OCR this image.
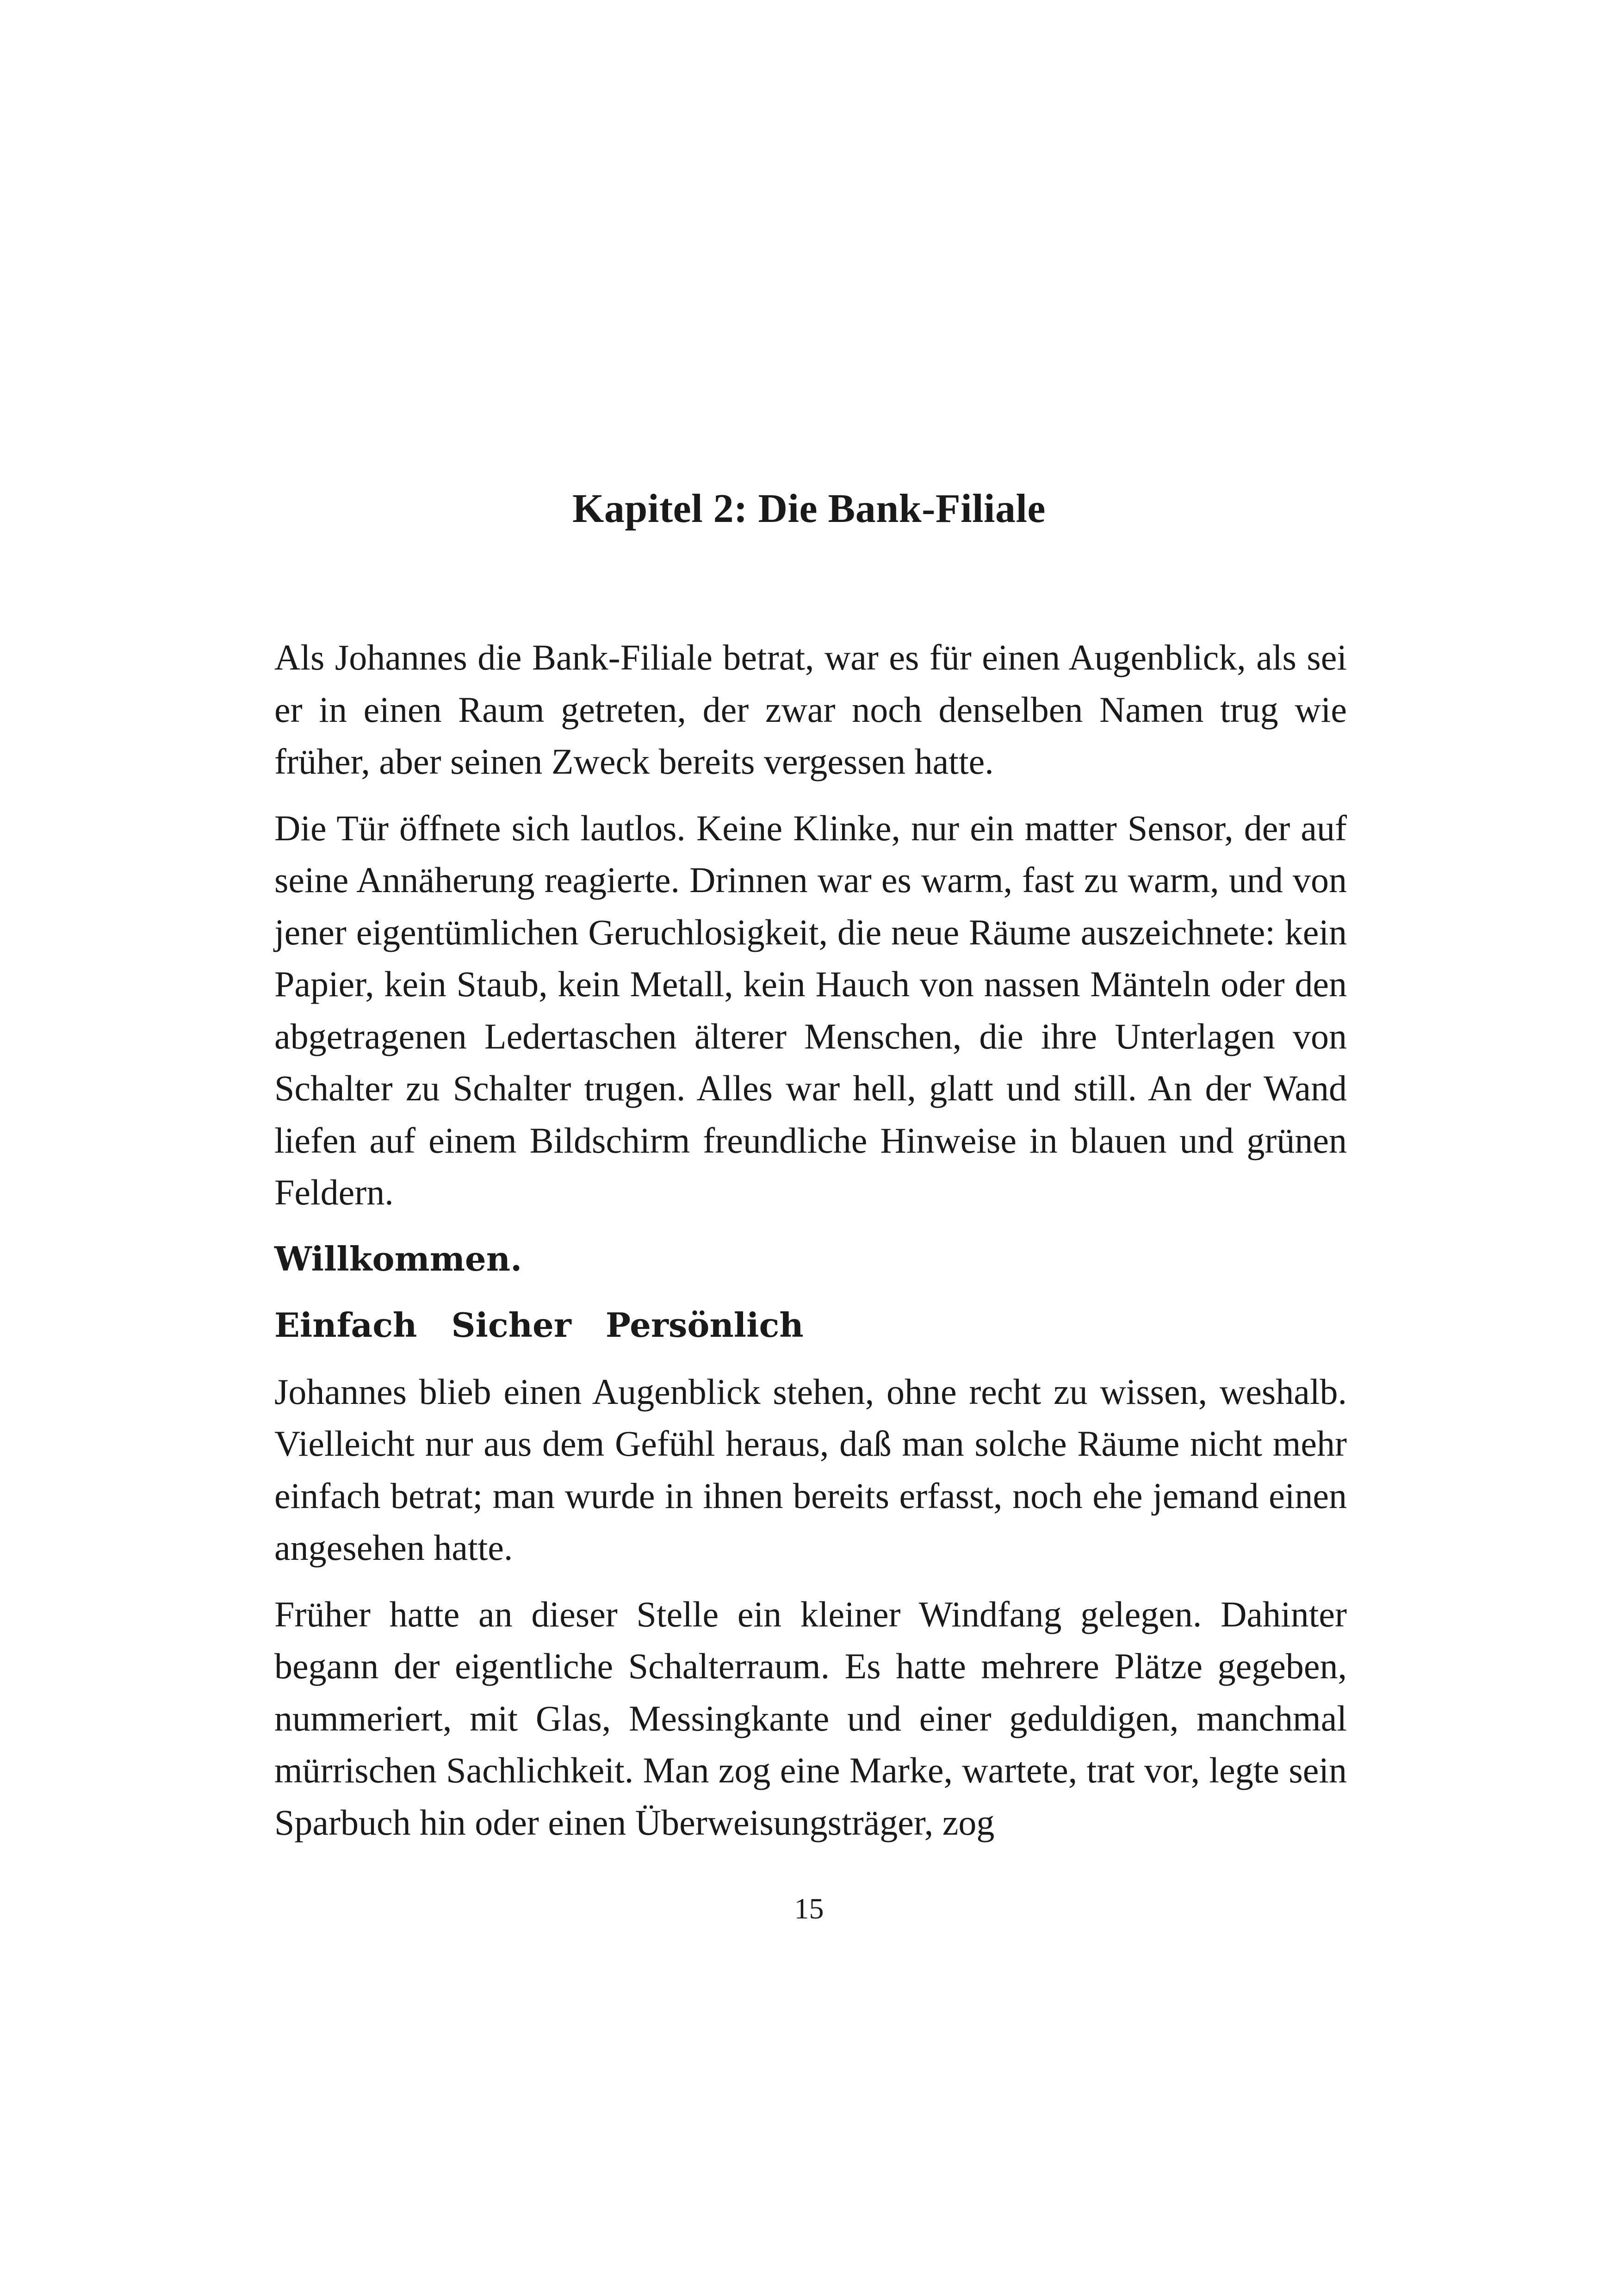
Kapitel 2: Die Bank-Filiale

Als Johannes die Bank-Filiale betrat, war es für einen Augenblick, als sei er in einen Raum getreten, der zwar noch denselben Namen trug wie früher, aber seinen Zweck bereits vergessen hatte.

Die Tür öffnete sich lautlos. Keine Klinke, nur ein matter Sensor, der auf seine Annäherung reagierte. Drinnen war es warm, fast zu warm, und von jener eigentümlichen Geruchlosigkeit, die neue Räume auszeichnete: kein Papier, kein Staub, kein Metall, kein Hauch von nassen Mänteln oder den abgetragenen Ledertaschen älterer Menschen, die ihre Unterlagen von Schalter zu Schalter trugen. Alles war hell, glatt und still. An der Wand liefen auf einem Bildschirm freundliche Hinweise in blauen und grünen Feldern.

Willkommen.

Einfach  Sicher  Persönlich

Johannes blieb einen Augenblick stehen, ohne recht zu wissen, weshalb. Vielleicht nur aus dem Gefühl heraus, daß man solche Räume nicht mehr einfach betrat; man wurde in ihnen bereits erfasst, noch ehe jemand einen angesehen hatte.

Früher hatte an dieser Stelle ein kleiner Windfang gelegen. Dahinter begann der eigentliche Schalterraum. Es hatte mehrere Plätze gegeben, nummeriert, mit Glas, Messingkante und einer geduldigen, manchmal mürrischen Sachlichkeit. Man zog eine Marke, wartete, trat vor, legte sein Sparbuch hin oder einen Überweisungsträger, zog

15
